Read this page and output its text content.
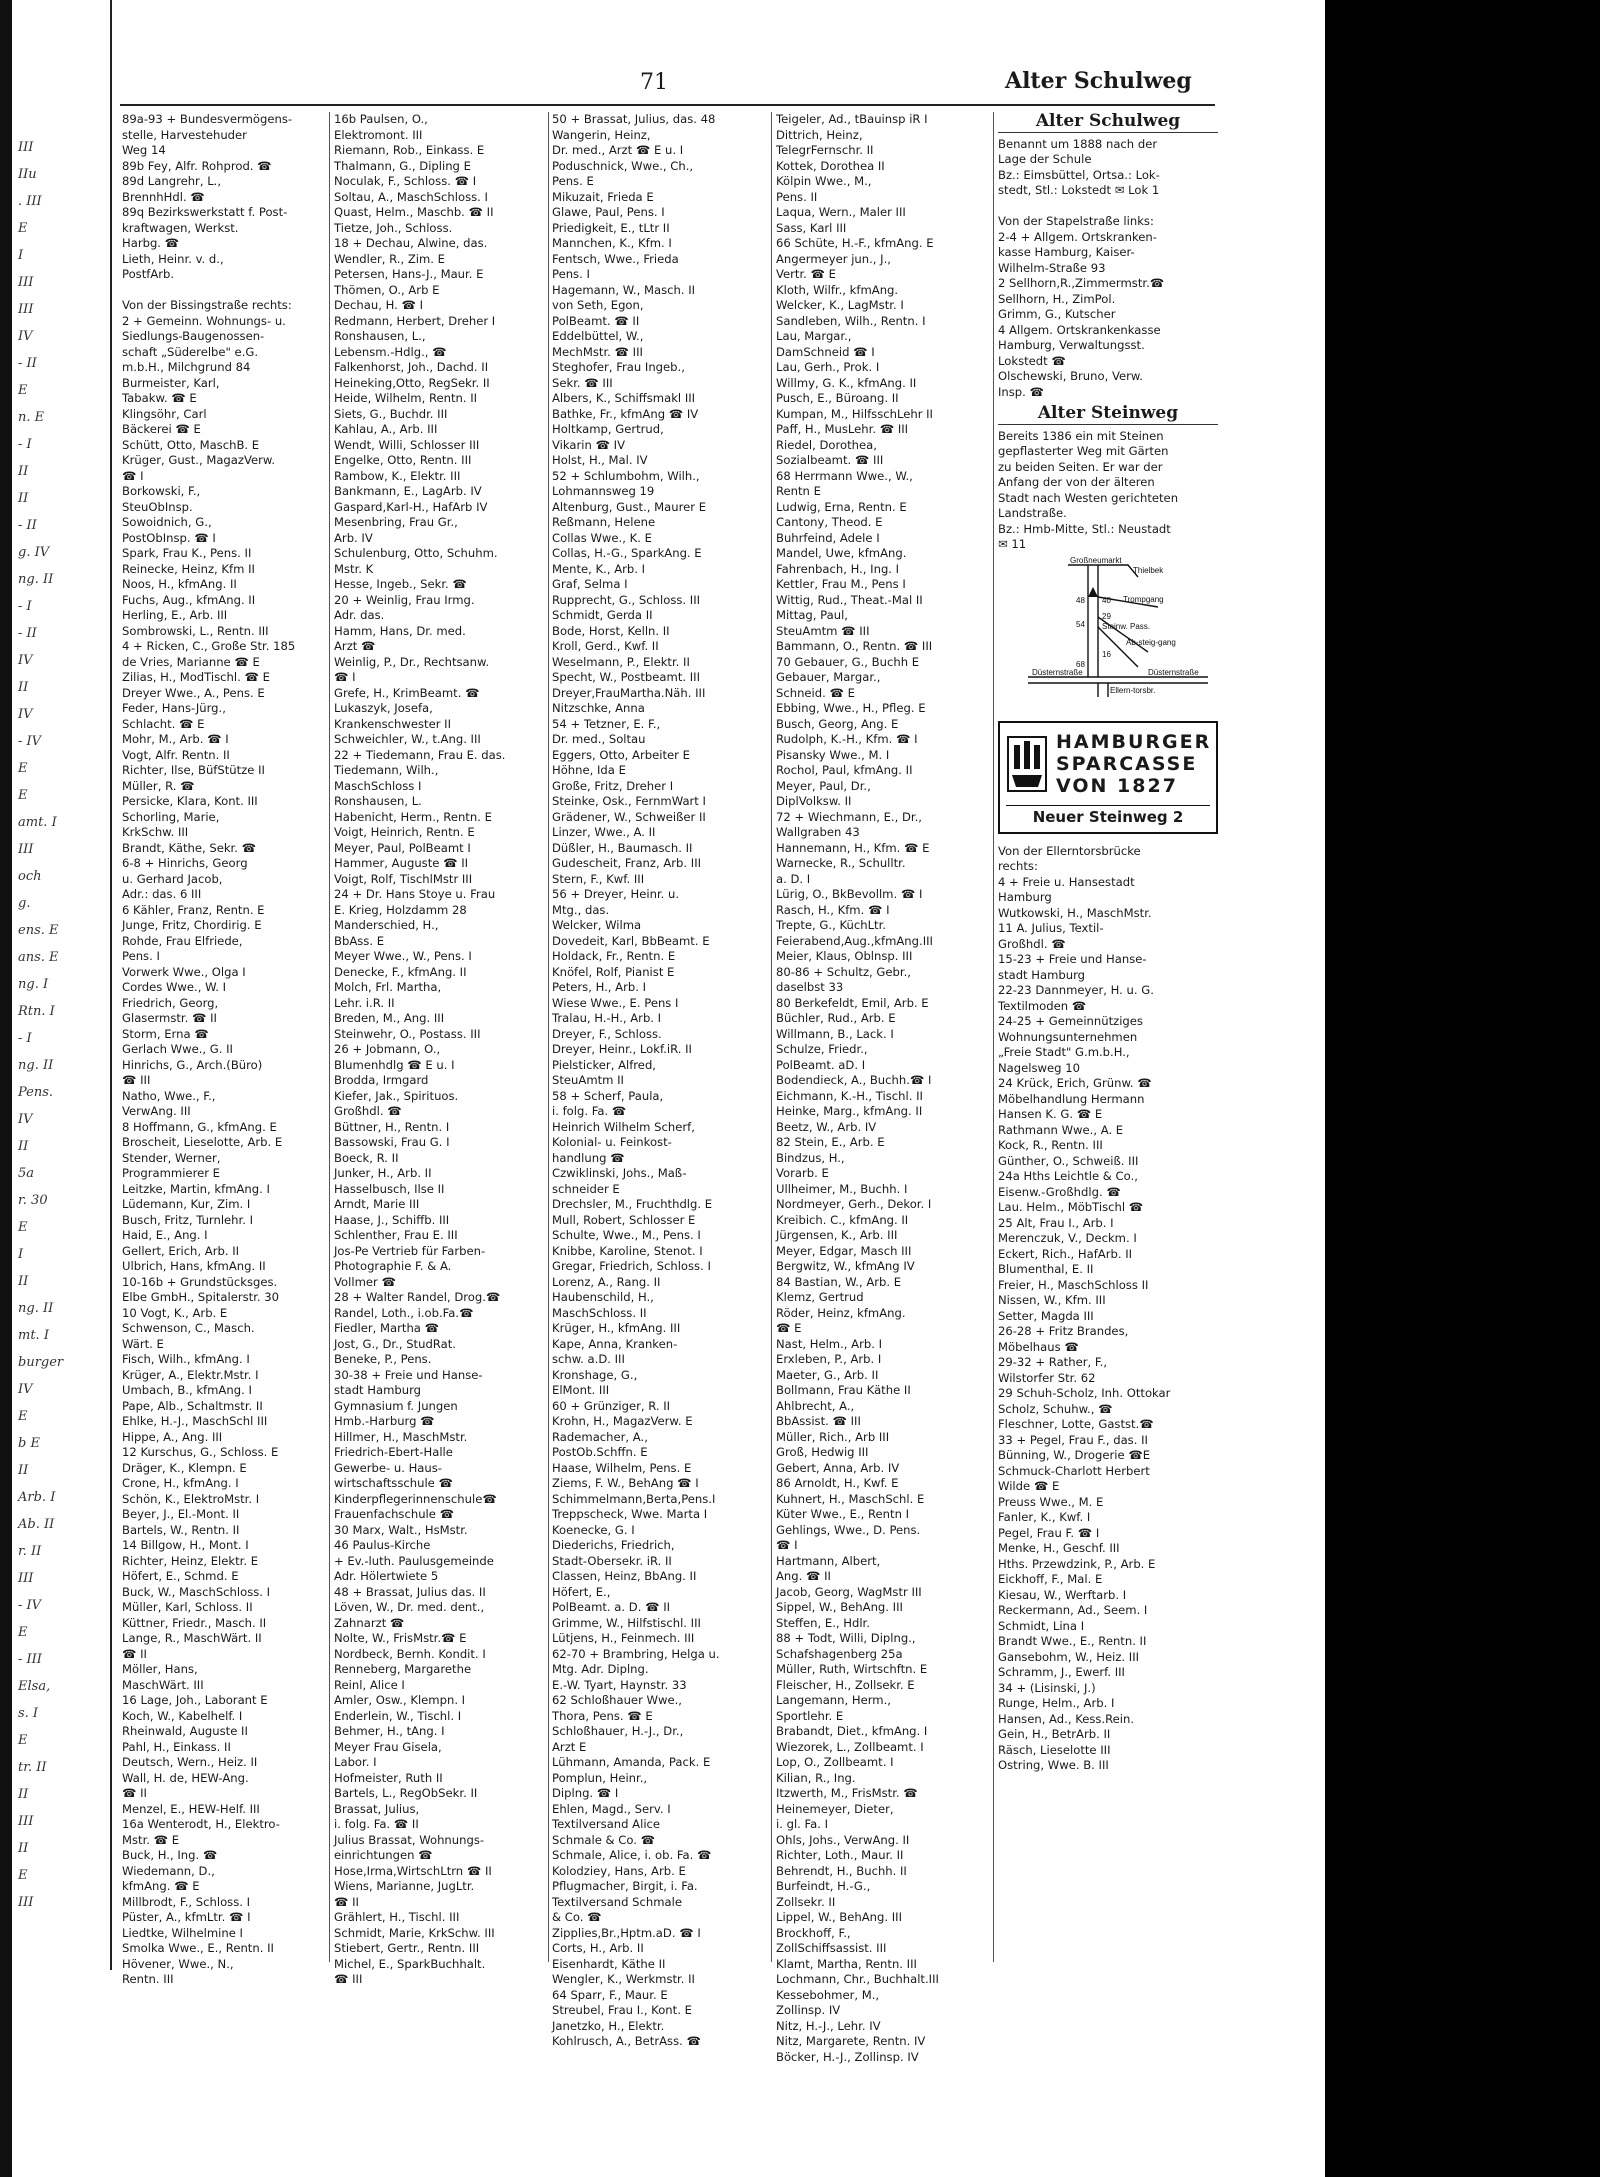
III
IIu
. III
E
I
III
III
IV
- II
E
n. E
- I
II
II
- II
g. IV
ng. II
- I
- II
IV
II
IV
- IV
E
E
amt. I
III
och
g.
ens. E
ans. E
ng. I
Rtn. I
- I
ng. II
Pens.
IV
II
5a
r. 30
E
I
II
ng. II
mt. I
burger
IV
E
b E
II
Arb. I
Ab. II
r. II
III
- IV
E
- III
Elsa,
s. I
E
tr. II
II
III
II
E
III
71	Alter Schulweg
89a-93 + Bundesvermögens-
stelle, Harvestehuder
Weg 14
89b Fey, Alfr. Rohprod. ☎
89d Langrehr, L.,
BrennhHdl. ☎
89q Bezirkswerkstatt f. Post-
kraftwagen, Werkst.
Harbg. ☎
Lieth, Heinr. v. d.,
PostfArb.

Von der Bissingstraße rechts:
2 + Gemeinn. Wohnungs- u.
Siedlungs-Baugenossen-
schaft „Süderelbe" e.G.
m.b.H., Milchgrund 84
Burmeister, Karl,
Tabakw. ☎ E
Klingsöhr, Carl
Bäckerei ☎ E
Schütt, Otto, MaschB. E
Krüger, Gust., MagazVerw.
☎ I
Borkowski, F.,
SteuObInsp.
Sowoidnich, G.,
PostObInsp. ☎ I
Spark, Frau K., Pens. II
Reinecke, Heinz, Kfm II
Noos, H., kfmAng. II
Fuchs, Aug., kfmAng. II
Herling, E., Arb. III
Sombrowski, L., Rentn. III
4 + Ricken, C., Große Str. 185
de Vries, Marianne ☎ E
Zilias, H., ModTischl. ☎ E
Dreyer Wwe., A., Pens. E
Feder, Hans-Jürg.,
Schlacht. ☎ E
Mohr, M., Arb. ☎ I
Vogt, Alfr. Rentn. II
Richter, Ilse, BüfStütze II
Müller, R. ☎
Persicke, Klara, Kont. III
Schorling, Marie,
KrkSchw. III
Brandt, Käthe, Sekr. ☎
6-8 + Hinrichs, Georg
u. Gerhard Jacob,
Adr.: das. 6 III
6 Kähler, Franz, Rentn. E
Junge, Fritz, Chordirig. E
Rohde, Frau Elfriede,
Pens. I
Vorwerk Wwe., Olga I
Cordes Wwe., W. I
Friedrich, Georg,
Glasermstr. ☎ II
Storm, Erna ☎
Gerlach Wwe., G. II
Hinrichs, G., Arch.(Büro)
☎ III
Natho, Wwe., F.,
VerwAng. III
8 Hoffmann, G., kfmAng. E
Broscheit, Lieselotte, Arb. E
Stender, Werner,
Programmierer E
Leitzke, Martin, kfmAng. I
Lüdemann, Kur, Zim. I
Busch, Fritz, Turnlehr. I
Haid, E., Ang. I
Gellert, Erich, Arb. II
Ulbrich, Hans, kfmAng. II
10-16b + Grundstücksges.
Elbe GmbH., Spitalerstr. 30
10 Vogt, K., Arb. E
Schwenson, C., Masch.
Wärt. E
Fisch, Wilh., kfmAng. I
Krüger, A., Elektr.Mstr. I
Umbach, B., kfmAng. I
Pape, Alb., Schaltmstr. II
Ehlke, H.-J., MaschSchl III
Hippe, A., Ang. III
12 Kurschus, G., Schloss. E
Dräger, K., Klempn. E
Crone, H., kfmAng. I
Schön, K., ElektroMstr. I
Beyer, J., El.-Mont. II
Bartels, W., Rentn. II
14 Billgow, H., Mont. I
Richter, Heinz, Elektr. E
Höfert, E., Schmd. E
Buck, W., MaschSchloss. I
Müller, Karl, Schloss. II
Küttner, Friedr., Masch. II
Lange, R., MaschWärt. II
☎ II
Möller, Hans,
MaschWärt. III
16 Lage, Joh., Laborant E
Koch, W., Kabelhelf. I
Rheinwald, Auguste II
Pahl, H., Einkass. II
Deutsch, Wern., Heiz. II
Wall, H. de, HEW-Ang.
☎ II
Menzel, E., HEW-Helf. III
16a Wenterodt, H., Elektro-
Mstr. ☎ E
Buck, H., Ing. ☎
Wiedemann, D.,
kfmAng. ☎ E
Millbrodt, F., Schloss. I
Püster, A., kfmLtr. ☎ I
Liedtke, Wilhelmine I
Smolka Wwe., E., Rentn. II
Hövener, Wwe., N.,
Rentn. III
16b Paulsen, O.,
Elektromont. III
Riemann, Rob., Einkass. E
Thalmann, G., Dipling E
Noculak, F., Schloss. ☎ I
Soltau, A., MaschSchloss. I
Quast, Helm., Maschb. ☎ II
Tietze, Joh., Schloss.
18 + Dechau, Alwine, das.
Wendler, R., Zim. E
Petersen, Hans-J., Maur. E
Thömen, O., Arb E
Dechau, H. ☎ I
Redmann, Herbert, Dreher I
Ronshausen, L.,
Lebensm.-Hdlg., ☎
Falkenhorst, Joh., Dachd. II
Heineking,Otto, RegSekr. II
Heide, Wilhelm, Rentn. II
Siets, G., Buchdr. III
Kahlau, A., Arb. III
Wendt, Willi, Schlosser III
Engelke, Otto, Rentn. III
Rambow, K., Elektr. III
Bankmann, E., LagArb. IV
Gaspard,Karl-H., HafArb IV
Mesenbring, Frau Gr.,
Arb. IV
Schulenburg, Otto, Schuhm.
Mstr. K
Hesse, Ingeb., Sekr. ☎
20 + Weinlig, Frau Irmg.
Adr. das.
Hamm, Hans, Dr. med.
Arzt ☎
Weinlig, P., Dr., Rechtsanw.
☎ I
Grefe, H., KrimBeamt. ☎
Lukaszyk, Josefa,
Krankenschwester II
Schweichler, W., t.Ang. III
22 + Tiedemann, Frau E. das.
Tiedemann, Wilh.,
MaschSchloss I
Ronshausen, L.
Habenicht, Herm., Rentn. E
Voigt, Heinrich, Rentn. E
Meyer, Paul, PolBeamt I
Hammer, Auguste ☎ II
Voigt, Rolf, TischlMstr III
24 + Dr. Hans Stoye u. Frau
E. Krieg, Holzdamm 28
Manderschied, H.,
BbAss. E
Meyer Wwe., W., Pens. I
Denecke, F., kfmAng. II
Molch, Frl. Martha,
Lehr. i.R. II
Breden, M., Ang. III
Steinwehr, O., Postass. III
26 + Jobmann, O.,
Blumenhdlg ☎ E u. I
Brodda, Irmgard
Kiefer, Jak., Spirituos.
Großhdl. ☎
Büttner, H., Rentn. I
Bassowski, Frau G. I
Boeck, R. II
Junker, H., Arb. II
Hasselbusch, Ilse II
Arndt, Marie III
Haase, J., Schiffb. III
Schlenther, Frau E. III
Jos-Pe Vertrieb für Farben-
Photographie F. & A.
Vollmer ☎
28 + Walter Randel, Drog.☎
Randel, Loth., i.ob.Fa.☎
Fiedler, Martha ☎
Jost, G., Dr., StudRat.
Beneke, P., Pens.
30-38 + Freie und Hanse-
stadt Hamburg
Gymnasium f. Jungen
Hmb.-Harburg ☎
Hillmer, H., MaschMstr.
Friedrich-Ebert-Halle
Gewerbe- u. Haus-
wirtschaftsschule ☎
Kinderpflegerinnenschule☎
Frauenfachschule ☎
30 Marx, Walt., HsMstr.
46 Paulus-Kirche
+ Ev.-luth. Paulusgemeinde
Adr. Hölertwiete 5
48 + Brassat, Julius das. II
Löven, W., Dr. med. dent.,
Zahnarzt ☎
Nolte, W., FrisMstr.☎ E
Nordbeck, Bernh. Kondit. I
Renneberg, Margarethe
Reinl, Alice I
Amler, Osw., Klempn. I
Enderlein, W., Tischl. I
Behmer, H., tAng. I
Meyer Frau Gisela,
Labor. I
Hofmeister, Ruth II
Bartels, L., RegObSekr. II
Brassat, Julius,
i. folg. Fa. ☎ II
Julius Brassat, Wohnungs-
einrichtungen ☎
Hose,Irma,WirtschLtrn ☎ II
Wiens, Marianne, JugLtr.
☎ II
Grählert, H., Tischl. III
Schmidt, Marie, KrkSchw. III
Stiebert, Gertr., Rentn. III
Michel, E., SparkBuchhalt.
☎ III
50 + Brassat, Julius, das. 48
Wangerin, Heinz,
Dr. med., Arzt ☎ E u. I
Poduschnick, Wwe., Ch.,
Pens. E
Mikuzait, Frieda E
Glawe, Paul, Pens. I
Priedigkeit, E., tLtr II
Mannchen, K., Kfm. I
Fentsch, Wwe., Frieda
Pens. I
Hagemann, W., Masch. II
von Seth, Egon,
PolBeamt. ☎ II
Eddelbüttel, W.,
MechMstr. ☎ III
Steghofer, Frau Ingeb.,
Sekr. ☎ III
Albers, K., Schiffsmakl III
Bathke, Fr., kfmAng ☎ IV
Holtkamp, Gertrud,
Vikarin ☎ IV
Holst, H., Mal. IV
52 + Schlumbohm, Wilh.,
Lohmannsweg 19
Altenburg, Gust., Maurer E
Reßmann, Helene
Collas Wwe., K. E
Collas, H.-G., SparkAng. E
Mente, K., Arb. I
Graf, Selma I
Rupprecht, G., Schloss. III
Schmidt, Gerda II
Bode, Horst, Kelln. II
Kroll, Gerd., Kwf. II
Weselmann, P., Elektr. II
Specht, W., Postbeamt. III
Dreyer,FrauMartha.Näh. III
Nitzschke, Anna
54 + Tetzner, E. F.,
Dr. med., Soltau
Eggers, Otto, Arbeiter E
Höhne, Ida E
Große, Fritz, Dreher I
Steinke, Osk., FernmWart I
Grädener, W., Schweißer II
Linzer, Wwe., A. II
Düßler, H., Baumasch. II
Gudescheit, Franz, Arb. III
Stern, F., Kwf. III
56 + Dreyer, Heinr. u.
Mtg., das.
Welcker, Wilma
Dovedeit, Karl, BbBeamt. E
Holdack, Fr., Rentn. E
Knöfel, Rolf, Pianist E
Peters, H., Arb. I
Wiese Wwe., E. Pens I
Tralau, H.-H., Arb. I
Dreyer, F., Schloss.
Dreyer, Heinr., Lokf.iR. II
Pielsticker, Alfred,
SteuAmtm II
58 + Scherf, Paula,
i. folg. Fa. ☎
Heinrich Wilhelm Scherf,
Kolonial- u. Feinkost-
handlung ☎
Czwiklinski, Johs., Maß-
schneider E
Drechsler, M., Fruchthdlg. E
Mull, Robert, Schlosser E
Schulte, Wwe., M., Pens. I
Knibbe, Karoline, Stenot. I
Gregar, Friedrich, Schloss. I
Lorenz, A., Rang. II
Haubenschild, H.,
MaschSchloss. II
Krüger, H., kfmAng. III
Kape, Anna, Kranken-
schw. a.D. III
Kronshage, G.,
ElMont. III
60 + Grünziger, R. II
Krohn, H., MagazVerw. E
Rademacher, A.,
PostOb.Schffn. E
Haase, Wilhelm, Pens. E
Ziems, F. W., BehAng ☎ I
Schimmelmann,Berta,Pens.I
Treppscheck, Wwe. Marta I
Koenecke, G. I
Diederichs, Friedrich,
Stadt-Obersekr. iR. II
Classen, Heinz, BbAng. II
Höfert, E.,
PolBeamt. a. D. ☎ II
Grimme, W., Hilfstischl. III
Lütjens, H., Feinmech. III
62-70 + Brambring, Helga u.
Mtg. Adr. Diplng.
E.-W. Tyart, Haynstr. 33
62 Schloßhauer Wwe.,
Thora, Pens. ☎ E
Schloßhauer, H.-J., Dr.,
Arzt E
Lühmann, Amanda, Pack. E
Pomplun, Heinr.,
Diplng. ☎ I
Ehlen, Magd., Serv. I
Textilversand Alice
Schmale & Co. ☎
Schmale, Alice, i. ob. Fa. ☎
Kolodziey, Hans, Arb. E
Pflugmacher, Birgit, i. Fa.
Textilversand Schmale
& Co. ☎
Zipplies,Br.,Hptm.aD. ☎ I
Corts, H., Arb. II
Eisenhardt, Käthe II
Wengler, K., Werkmstr. II
64 Sparr, F., Maur. E
Streubel, Frau I., Kont. E
Janetzko, H., Elektr.
Kohlrusch, A., BetrAss. ☎
Teigeler, Ad., tBauinsp iR I
Dittrich, Heinz,
TelegrFernschr. II
Kottek, Dorothea II
Kölpin Wwe., M.,
Pens. II
Laqua, Wern., Maler III
Sass, Karl III
66 Schüte, H.-F., kfmAng. E
Angermeyer jun., J.,
Vertr. ☎ E
Kloth, Wilfr., kfmAng.
Welcker, K., LagMstr. I
Sandleben, Wilh., Rentn. I
Lau, Margar.,
DamSchneid ☎ I
Lau, Gerh., Prok. I
Willmy, G. K., kfmAng. II
Pusch, E., Büroang. II
Kumpan, M., HilfsschLehr II
Paff, H., MusLehr. ☎ III
Riedel, Dorothea,
Sozialbeamt. ☎ III
68 Herrmann Wwe., W.,
Rentn E
Ludwig, Erna, Rentn. E
Cantony, Theod. E
Buhrfeind, Adele I
Mandel, Uwe, kfmAng.
Fahrenbach, H., Ing. I
Kettler, Frau M., Pens I
Wittig, Rud., Theat.-Mal II
Mittag, Paul,
SteuAmtm ☎ III
Bammann, O., Rentn. ☎ III
70 Gebauer, G., Buchh E
Gebauer, Margar.,
Schneid. ☎ E
Ebbing, Wwe., H., Pfleg. E
Busch, Georg, Ang. E
Rudolph, K.-H., Kfm. ☎ I
Pisansky Wwe., M. I
Rochol, Paul, kfmAng. II
Meyer, Paul, Dr.,
DiplVolksw. II
72 + Wiechmann, E., Dr.,
Wallgraben 43
Hannemann, H., Kfm. ☎ E
Warnecke, R., Schulltr.
a. D. I
Lürig, O., BkBevollm. ☎ I
Rasch, H., Kfm. ☎ I
Trepte, G., KüchLtr.
Feierabend,Aug.,kfmAng.III
Meier, Klaus, Oblnsp. III
80-86 + Schultz, Gebr.,
daselbst 33
80 Berkefeldt, Emil, Arb. E
Büchler, Rud., Arb. E
Willmann, B., Lack. I
Schulze, Friedr.,
PolBeamt. aD. I
Bodendieck, A., Buchh.☎ I
Eichmann, K.-H., Tischl. II
Heinke, Marg., kfmAng. II
Beetz, W., Arb. IV
82 Stein, E., Arb. E
Bindzus, H.,
Vorarb. E
Ullheimer, M., Buchh. I
Nordmeyer, Gerh., Dekor. I
Kreibich. C., kfmAng. II
Jürgensen, K., Arb. III
Meyer, Edgar, Masch III
Bergwitz, W., kfmAng IV
84 Bastian, W., Arb. E
Klemz, Gertrud
Röder, Heinz, kfmAng.
☎ E
Nast, Helm., Arb. I
Erxleben, P., Arb. I
Maeter, G., Arb. II
Bollmann, Frau Käthe II
Ahlbrecht, A.,
BbAssist. ☎ III
Müller, Rich., Arb III
Groß, Hedwig III
Gebert, Anna, Arb. IV
86 Arnoldt, H., Kwf. E
Kuhnert, H., MaschSchl. E
Küter Wwe., E., Rentn I
Gehlings, Wwe., D. Pens.
☎ I
Hartmann, Albert,
Ang. ☎ II
Jacob, Georg, WagMstr III
Sippel, W., BehAng. III
Steffen, E., Hdlr.
88 + Todt, Willi, Diplng.,
Schafshagenberg 25a
Müller, Ruth, Wirtschftn. E
Fleischer, H., Zollsekr. E
Langemann, Herm.,
Sportlehr. E
Brabandt, Diet., kfmAng. I
Wiezorek, L., Zollbeamt. I
Lop, O., Zollbeamt. I
Kilian, R., Ing.
Itzwerth, M., FrisMstr. ☎
Heinemeyer, Dieter,
i. gl. Fa. I
Ohls, Johs., VerwAng. II
Richter, Loth., Maur. II
Behrendt, H., Buchh. II
Burfeindt, H.-G.,
Zollsekr. II
Lippel, W., BehAng. III
Brockhoff, F.,
ZollSchiffsassist. III
Klamt, Martha, Rentn. III
Lochmann, Chr., Buchhalt.III
Kessebohmer, M.,
Zollinsp. IV
Nitz, H.-J., Lehr. IV
Nitz, Margarete, Rentn. IV
Böcker, H.-J., Zollinsp. IV
Alter Schulweg
Benannt um 1888 nach der
Lage der Schule
Bz.: Eimsbüttel, Ortsa.: Lok-
stedt, Stl.: Lokstedt ✉ Lok 1

Von der Stapelstraße links:
2-4 + Allgem. Ortskranken-
kasse Hamburg, Kaiser-
Wilhelm-Straße 93
2 Sellhorn,R.,Zimmermstr.☎
Sellhorn, H., ZimPol.
Grimm, G., Kutscher
4 Allgem. Ortskrankenkasse
Hamburg, Verwaltungsst.
Lokstedt ☎
Olschewski, Bruno, Verw.
Insp. ☎
Alter Steinweg
Bereits 1386 ein mit Steinen
gepflasterter Weg mit Gärten
zu beiden Seiten. Er war der
Anfang der von der älteren
Stadt nach Westen gerichteten
Landstraße.
Bz.: Hmb-Mitte, Stl.: Neustadt
✉ 11
Großneumarkt
Thielbek
Trompgang
48 40
29
54
68
16
Steinw. Pass.
Ab-steig-gang
Düsternstraße	Düsternstraße
Ellern-torsbr.
HAMBURGER
SPARCASSE
VON 1827
Neuer Steinweg 2
Von der Ellerntorsbrücke
rechts:
4 + Freie u. Hansestadt
Hamburg
Wutkowski, H., MaschMstr.
11 A. Julius, Textil-
Großhdl. ☎
15-23 + Freie und Hanse-
stadt Hamburg
22-23 Dannmeyer, H. u. G.
Textilmoden ☎
24-25 + Gemeinnütziges
Wohnungsunternehmen
„Freie Stadt" G.m.b.H.,
Nagelsweg 10
24 Krück, Erich, Grünw. ☎
Möbelhandlung Hermann
Hansen K. G. ☎ E
Rathmann Wwe., A. E
Kock, R., Rentn. III
Günther, O., Schweiß. III
24a Hths Leichtle & Co.,
Eisenw.-Großhdlg. ☎
Lau. Helm., MöbTischl ☎
25 Alt, Frau I., Arb. I
Merenczuk, V., Deckm. I
Eckert, Rich., HafArb. II
Blumenthal, E. II
Freier, H., MaschSchloss II
Nissen, W., Kfm. III
Setter, Magda III
26-28 + Fritz Brandes,
Möbelhaus ☎
29-32 + Rather, F.,
Wilstorfer Str. 62
29 Schuh-Scholz, Inh. Ottokar
Scholz, Schuhw., ☎
Fleschner, Lotte, Gastst.☎
33 + Pegel, Frau F., das. II
Bünning, W., Drogerie ☎E
Schmuck-Charlott Herbert
Wilde ☎ E
Preuss Wwe., M. E
Fanler, K., Kwf. I
Pegel, Frau F. ☎ I
Menke, H., Geschf. III
Hths. Przewdzink, P., Arb. E
Eickhoff, F., Mal. E
Kiesau, W., Werftarb. I
Reckermann, Ad., Seem. I
Schmidt, Lina I
Brandt Wwe., E., Rentn. II
Gansebohm, W., Heiz. III
Schramm, J., Ewerf. III
34 + (Lisinski, J.)
Runge, Helm., Arb. I
Hansen, Ad., Kess.Rein.
Gein, H., BetrArb. II
Räsch, Lieselotte III
Ostring, Wwe. B. III
